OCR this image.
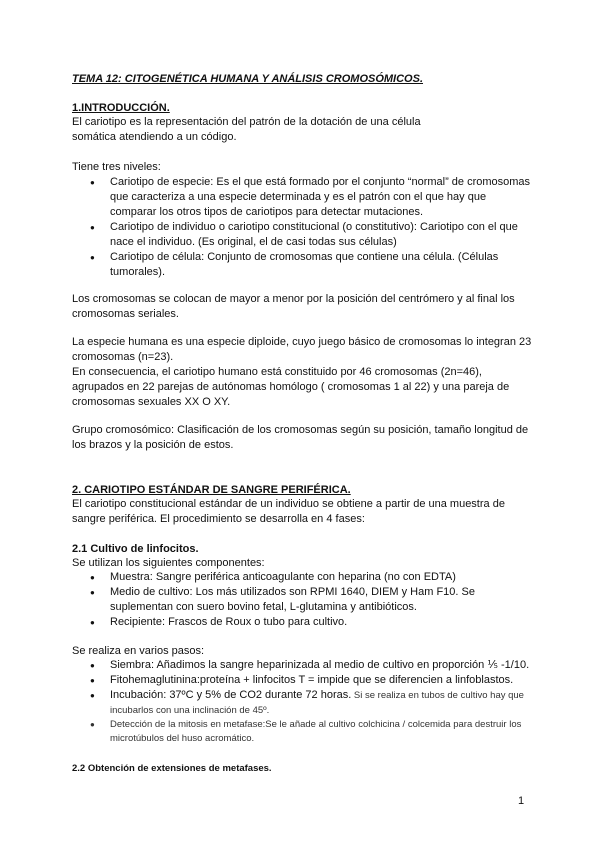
TEMA 12: CITOGENÉTICA HUMANA Y ANÁLISIS CROMOSÓMICOS.

1.INTRODUCCIÓN.

El cariotipo es la representación del patrón de la dotación de una célula somática atendiendo a un código.

Tiene tres niveles:

● Cariotipo de especie: Es el que está formado por el conjunto “normal” de cromosomas que caracteriza a una especie determinada y es el patrón con el que hay que comparar los otros tipos de cariotipos para detectar mutaciones.
● Cariotipo de individuo o cariotipo constitucional (o constitutivo): Cariotipo con el que nace el individuo. (Es original, el de casi todas sus células)
● Cariotipo de célula: Conjunto de cromosomas que contiene una célula. (Células tumorales).

Los cromosomas se colocan de mayor a menor por la posición del centrómero y al final los cromosomas seriales.

La especie humana es una especie diploide, cuyo juego básico de cromosomas lo integran 23 cromosomas (n=23).

En consecuencia, el cariotipo humano está constituido por 46 cromosomas (2n=46), agrupados en 22 parejas de autónomas homólogo ( cromosomas 1 al 22) y una pareja de cromosomas sexuales XX O XY.

Grupo cromosómico: Clasificación de los cromosomas según su posición, tamaño longitud de los brazos y la posición de estos.

2. CARIOTIPO ESTÁNDAR DE SANGRE PERIFÉRICA.

El cariotipo constitucional estándar de un individuo se obtiene a partir de una muestra de sangre periférica. El procedimiento se desarrolla en 4 fases:

2.1 Cultivo de linfocitos.

Se utilizan los siguientes componentes:

● Muestra: Sangre periférica anticoagulante con heparina (no con EDTA)
● Medio de cultivo: Los más utilizados son RPMI 1640, DIEM y Ham F10. Se suplementan con suero bovino fetal, L-glutamina y antibióticos.
● Recipiente: Frascos de Roux o tubo para cultivo.

Se realiza en varios pasos:

● Siembra: Añadimos la sangre heparinizada al medio de cultivo en proporción ⅕ -1/10.
● Fitohemaglutinina:proteína + linfocitos T = impide que se diferencien a linfoblastos.
● Incubación: 37ºC y 5% de CO2 durante 72 horas. Si se realiza en tubos de cultivo hay que incubarlos con una inclinación de 45º.
● Detección de la mitosis en metafase:Se le añade al cultivo colchicina / colcemida para destruir los microtúbulos del huso acromático.

2.2 Obtención de extensiones de metafases.

1
